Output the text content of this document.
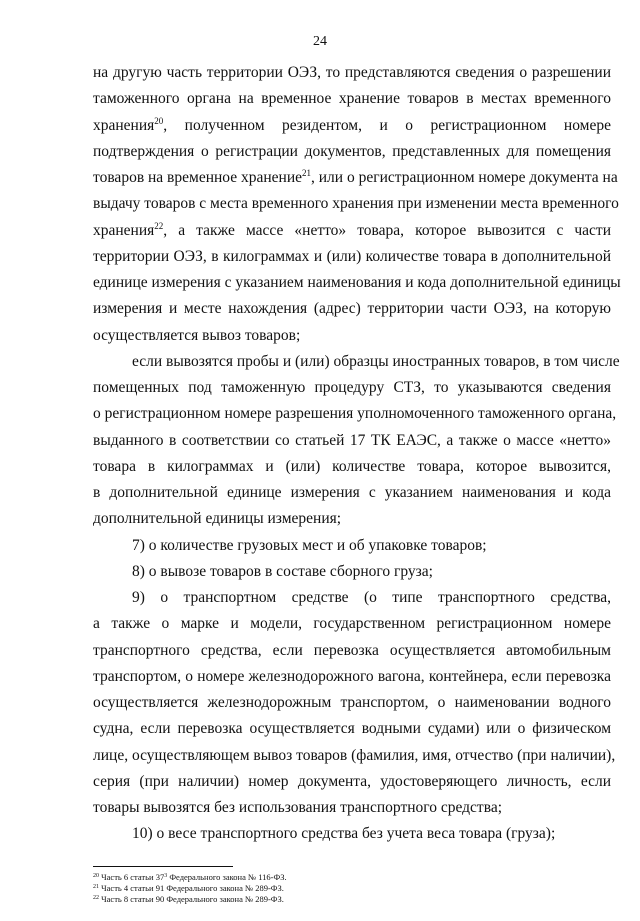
24
на другую часть территории ОЭЗ, то представляются сведения о разрешении
таможенного органа на временное хранение товаров в местах временного
хранения$^{20}$, полученном резидентом, и о регистрационном номере
подтверждения о регистрации документов, представленных для помещения
товаров на временное хранение$^{21}$, или о регистрационном номере документа на
выдачу товаров с места временного хранения при изменении места временного
хранения$^{22}$, а также массе «нетто» товара, которое вывозится с части
территории ОЭЗ, в килограммах и (или) количестве товара в дополнительной
единице измерения с указанием наименования и кода дополнительной единицы
измерения и месте нахождения (адрес) территории части ОЭЗ, на которую
осуществляется вывоз товаров;
если вывозятся пробы и (или) образцы иностранных товаров, в том числе
помещенных под таможенную процедуру СТЗ, то указываются сведения
о регистрационном номере разрешения уполномоченного таможенного органа,
выданного в соответствии со статьей 17 ТК ЕАЭС, а также о массе «нетто»
товара в килограммах и (или) количестве товара, которое вывозится,
в дополнительной единице измерения с указанием наименования и кода
дополнительной единицы измерения;
7) о количестве грузовых мест и об упаковке товаров;
8) о вывозе товаров в составе сборного груза;
9) о транспортном средстве (о типе транспортного средства,
а также о марке и модели, государственном регистрационном номере
транспортного средства, если перевозка осуществляется автомобильным
транспортом, о номере железнодорожного вагона, контейнера, если перевозка
осуществляется железнодорожным транспортом, о наименовании водного
судна, если перевозка осуществляется водными судами) или о физическом
лице, осуществляющем вывоз товаров (фамилия, имя, отчество (при наличии),
серия (при наличии) номер документа, удостоверяющего личность, если
товары вывозятся без использования транспортного средства;
10) о весе транспортного средства без учета веса товара (груза);
$^{20}$ Часть 6 статьи $37^3$ Федерального закона № 116-ФЗ.
$^{21}$ Часть 4 статьи 91 Федерального закона № 289-ФЗ.
$^{22}$ Часть 8 статьи 90 Федерального закона № 289-ФЗ.
